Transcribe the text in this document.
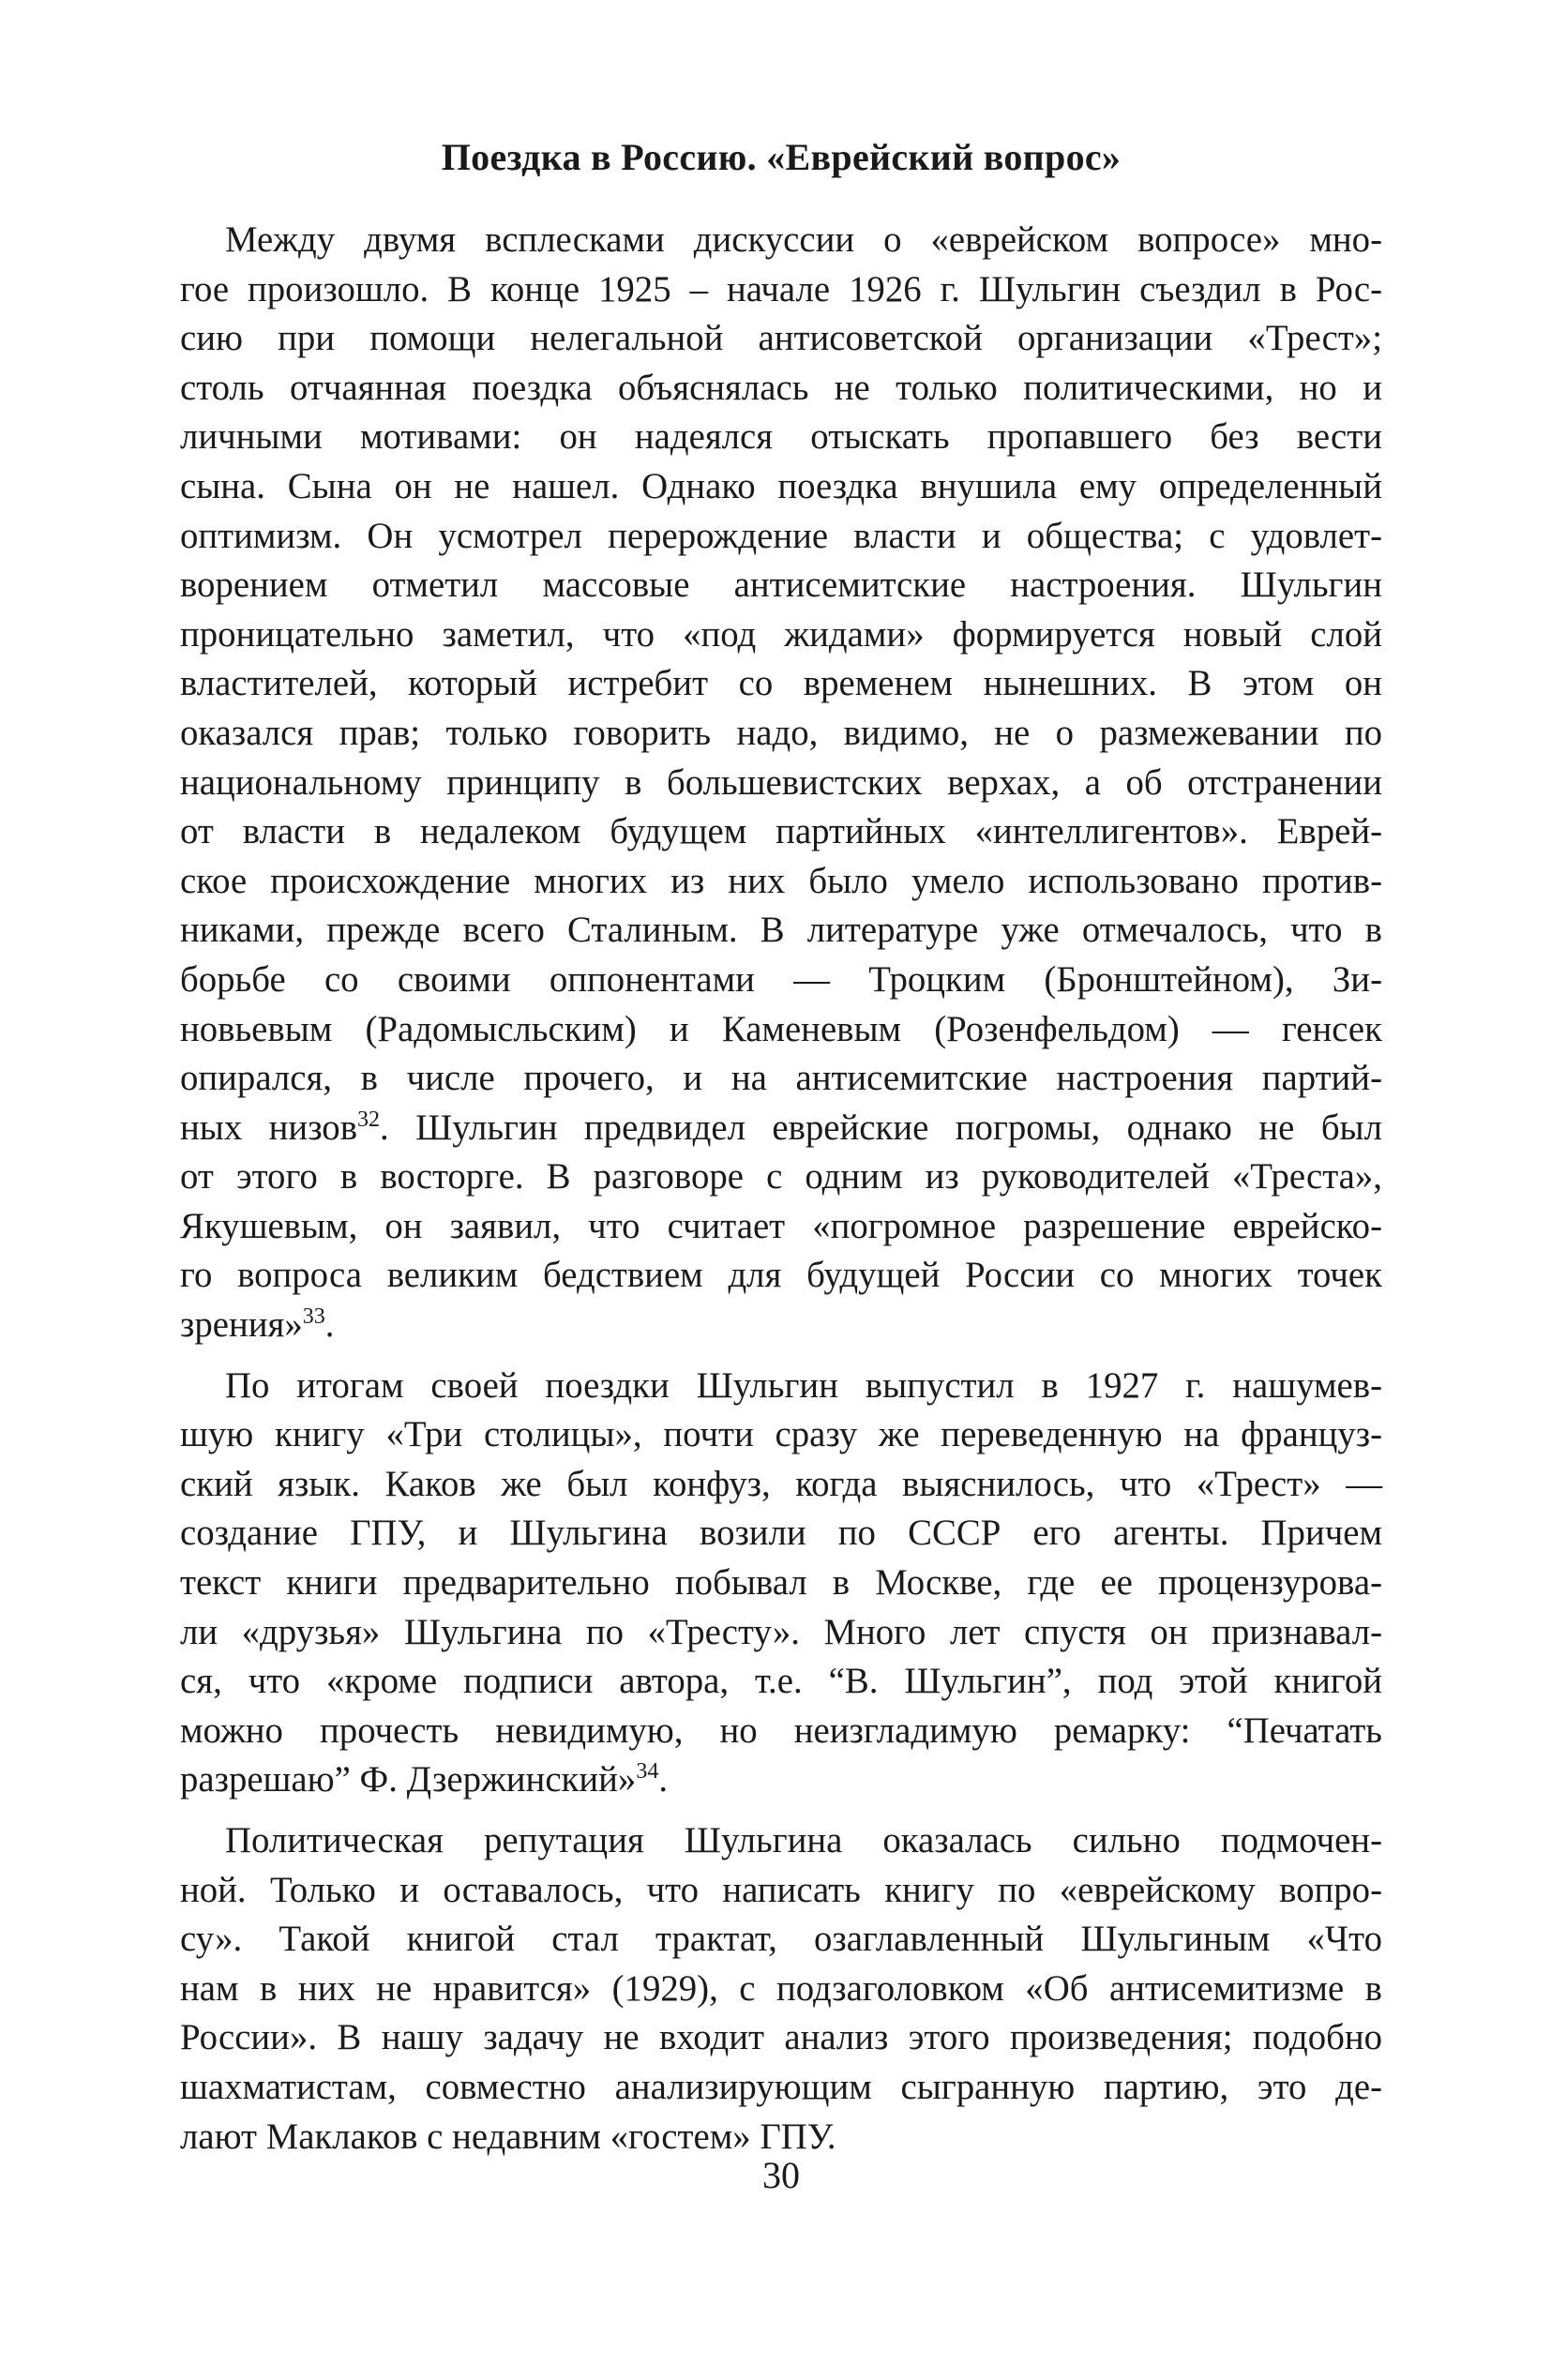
Поездка в Россию. «Еврейский вопрос»
Между двумя всплесками дискуссии о «еврейском вопросе» мно-
гое произошло. В конце 1925 – начале 1926 г. Шульгин съездил в Рос-
сию при помощи нелегальной антисоветской организации «Трест»;
столь отчаянная поездка объяснялась не только политическими, но и
личными мотивами: он надеялся отыскать пропавшего без вести
сына. Сына он не нашел. Однако поездка внушила ему определенный
оптимизм. Он усмотрел перерождение власти и общества; с удовлет-
ворением отметил массовые антисемитские настроения. Шульгин
проницательно заметил, что «под жидами» формируется новый слой
властителей, который истребит со временем нынешних. В этом он
оказался прав; только говорить надо, видимо, не о размежевании по
национальному принципу в большевистских верхах, а об отстранении
от власти в недалеком будущем партийных «интеллигентов». Еврей-
ское происхождение многих из них было умело использовано против-
никами, прежде всего Сталиным. В литературе уже отмечалось, что в
борьбе со своими оппонентами — Троцким (Бронштейном), Зи-
новьевым (Радомысльским) и Каменевым (Розенфельдом) — генсек
опирался, в числе прочего, и на антисемитские настроения партий-
ных низов$^{32}$. Шульгин предвидел еврейские погромы, однако не был
от этого в восторге. В разговоре с одним из руководителей «Треста»,
Якушевым, он заявил, что считает «погромное разрешение еврейско-
го вопроса великим бедствием для будущей России со многих точек
зрения»$^{33}$.
По итогам своей поездки Шульгин выпустил в 1927 г. нашумев-
шую книгу «Три столицы», почти сразу же переведенную на француз-
ский язык. Каков же был конфуз, когда выяснилось, что «Трест» —
создание ГПУ, и Шульгина возили по СССР его агенты. Причем
текст книги предварительно побывал в Москве, где ее процензурова-
ли «друзья» Шульгина по «Тресту». Много лет спустя он признавал-
ся, что «кроме подписи автора, т.е. “В. Шульгин”, под этой книгой
можно прочесть невидимую, но неизгладимую ремарку: “Печатать
разрешаю” Ф. Дзержинский»$^{34}$.
Политическая репутация Шульгина оказалась сильно подмочен-
ной. Только и оставалось, что написать книгу по «еврейскому вопро-
су». Такой книгой стал трактат, озаглавленный Шульгиным «Что
нам в них не нравится» (1929), с подзаголовком «Об антисемитизме в
России». В нашу задачу не входит анализ этого произведения; подобно
шахматистам, совместно анализирующим сыгранную партию, это де-
лают Маклаков с недавним «гостем» ГПУ.
30
